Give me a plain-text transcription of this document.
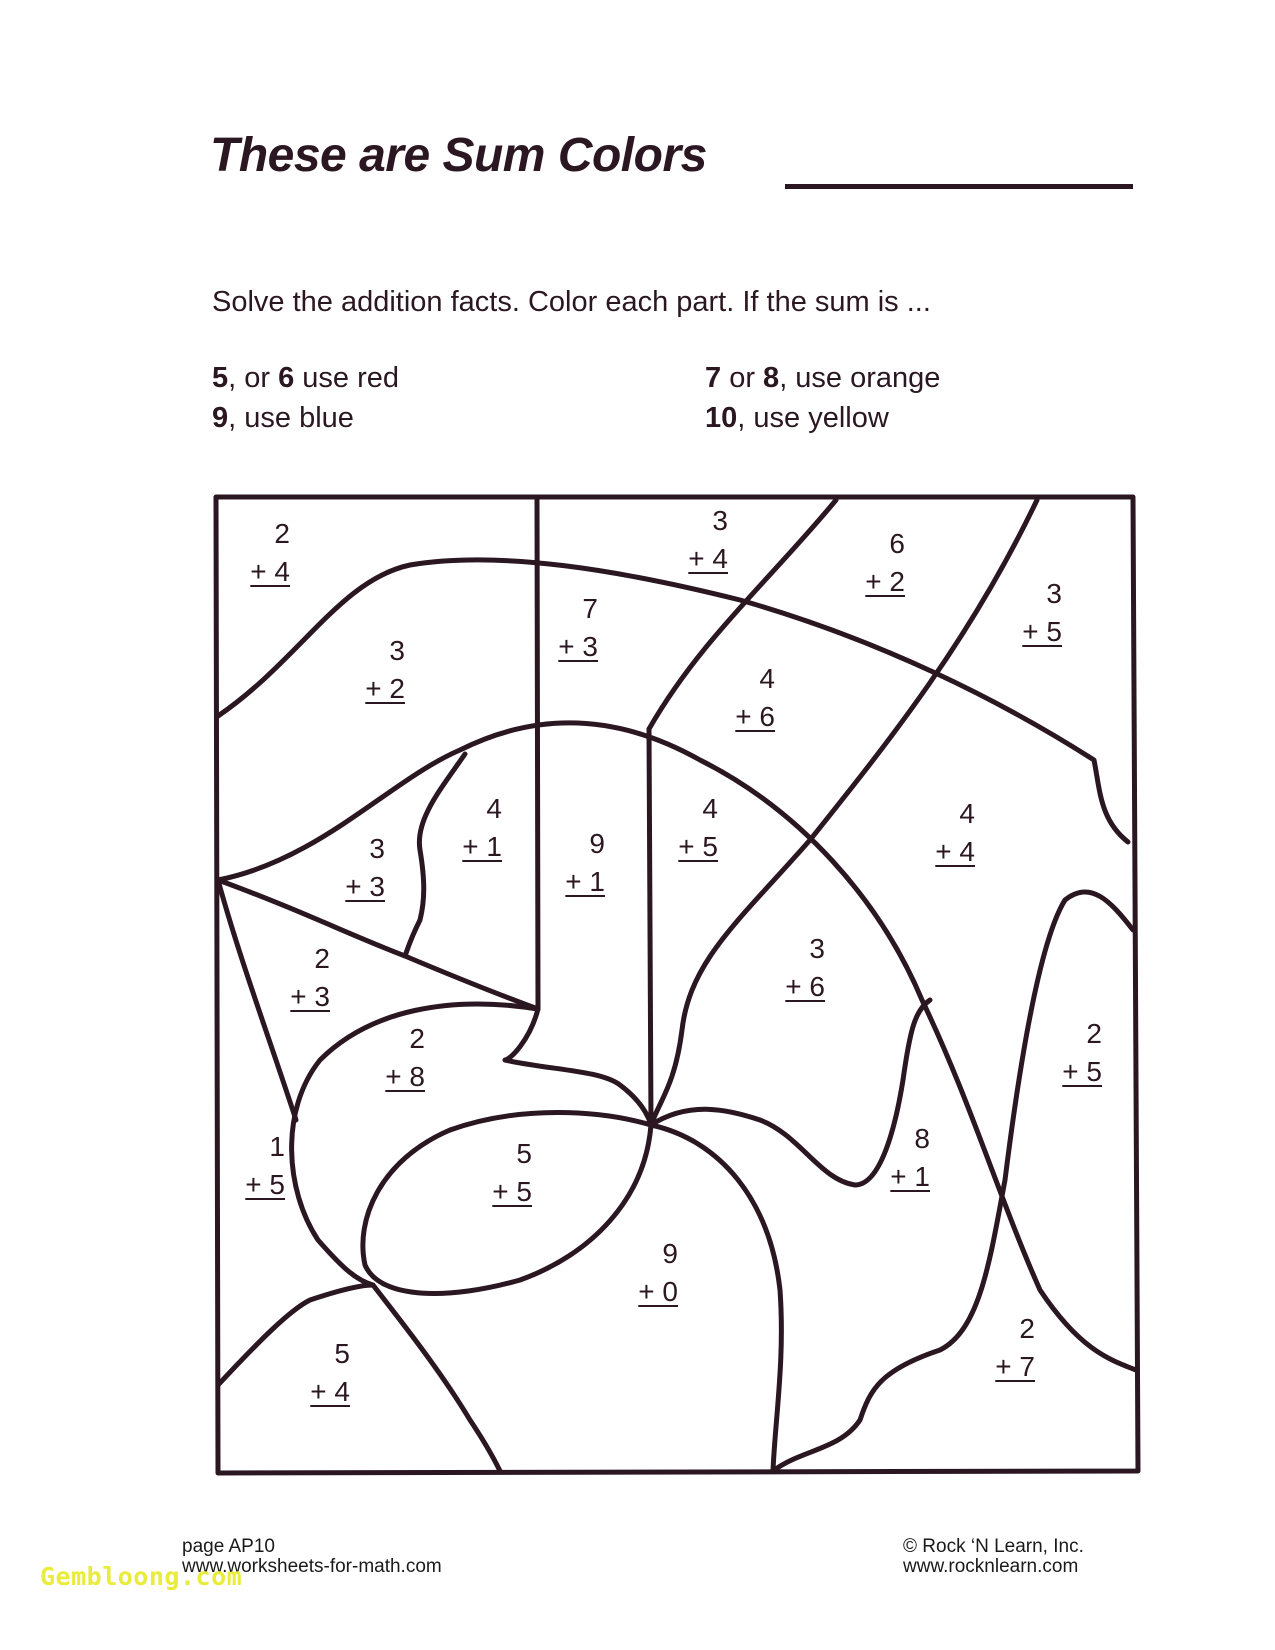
These are Sum Colors
Solve the addition facts. Color each part. If the sum is ...
5, or 6 use red
9, use blue
7 or 8, use orange
10, use yellow
2
+ 4
3
+ 4	6
+ 2	3
+ 5
7
+ 3
3
+ 2	4
+ 6
4
+ 1
3
+ 3
9
+ 1
4
+ 5
4
+ 4
2
+ 3
3
+ 6
2
+ 8
2
+ 5
1
+ 5
5
+ 5
8
+ 1
9
+ 0
5
+ 4
2
+ 7
page AP10
www.worksheets-for-math.com
© Rock ‘N Learn, Inc.
www.rocknlearn.com
Gembloong.com
